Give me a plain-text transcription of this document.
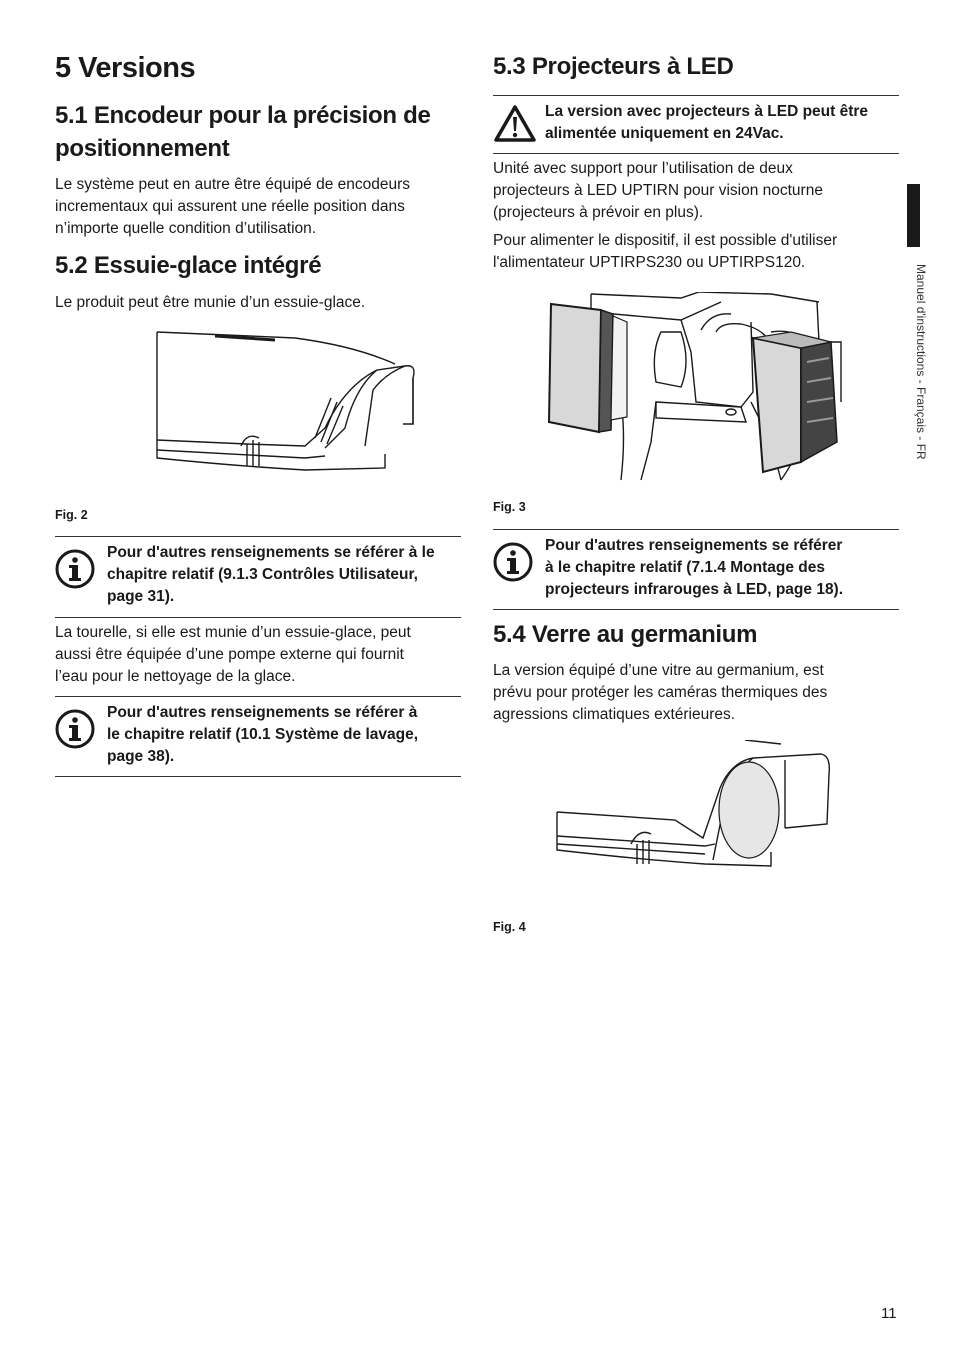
5 Versions
5.1 Encodeur pour la précision de
positionnement

Le système peut en autre être équipé de encodeurs

incrementaux qui assurent une réelle position dans

n’importe quelle condition d’utilisation.

5.2 Essuie-glace intégré

Le produit peut être munie d’un essuie-glace.

Fig. 2
Pour d'autres renseignements se référer à le
chapitre relatif (9.1.3 Contrôles Utilisateur,
page 31).

La tourelle, si elle est munie d’un essuie-glace, peut

aussi être équipée d’une pompe externe qui fournit

l’eau pour le nettoyage de la glace.

Pour d'autres renseignements se référer à
le chapitre relatif (10.1 Système de lavage,
page 38).
5.3 Projecteurs à LED
La version avec projecteurs à LED peut être
alimentée uniquement en 24Vac.

Unité avec support pour l’utilisation de deux

projecteurs à LED UPTIRN pour vision nocturne

(projecteurs à prévoir en plus).

Pour alimenter le dispositif, il est possible d'utiliser

l'alimentateur UPTIRPS230 ou UPTIRPS120.

Fig. 3
Pour d'autres renseignements se référer
à le chapitre relatif (7.1.4 Montage des
projecteurs infrarouges à LED, page 18).
5.4 Verre au germanium

La version équipé d’une vitre au germanium, est

prévu pour protéger les caméras thermiques des

agressions climatiques extérieures.

Fig. 4
Manuel d'instructions - Français - FR
11
